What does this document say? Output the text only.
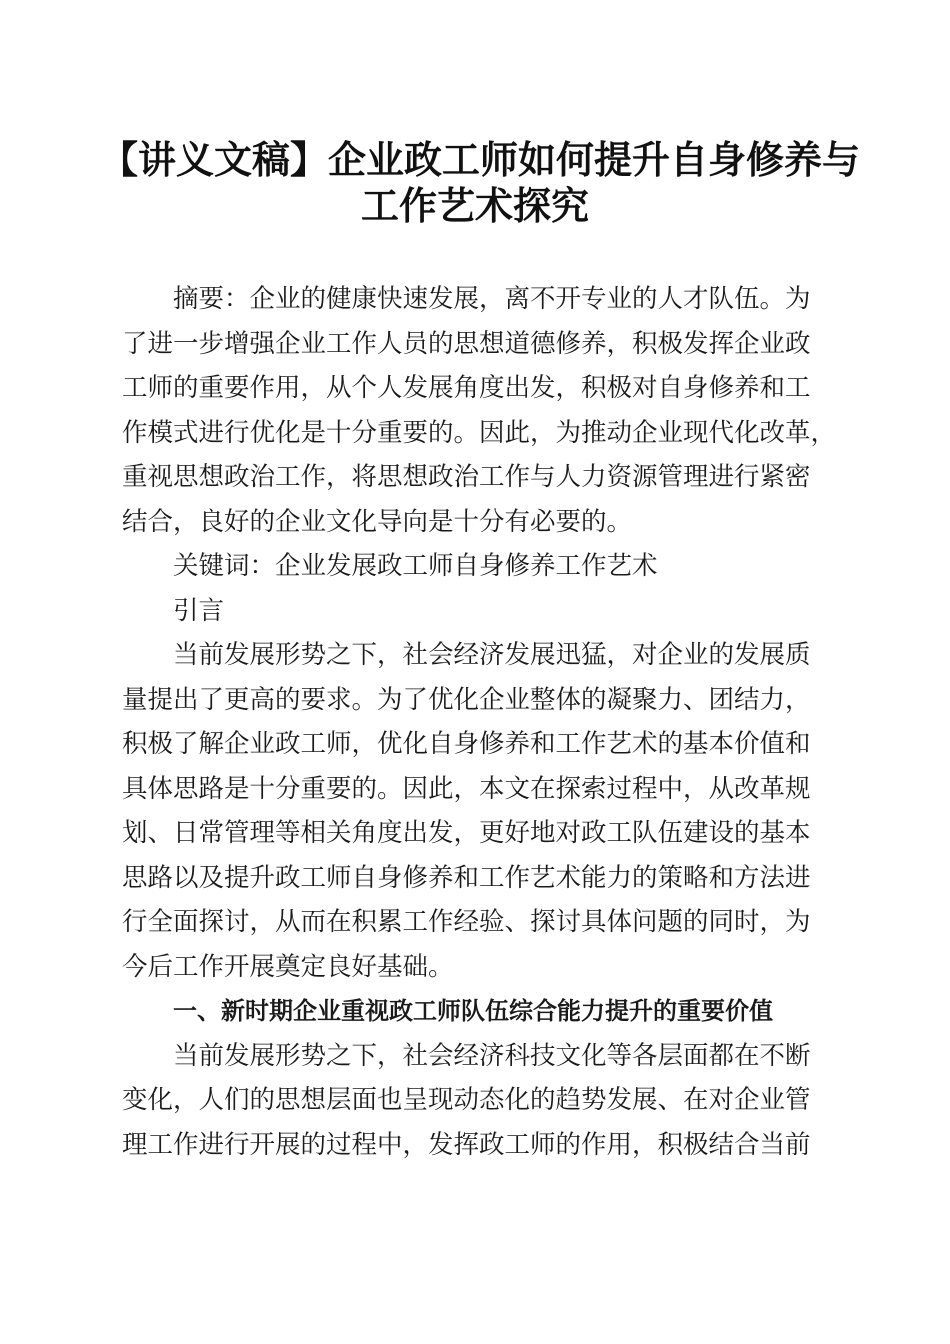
【讲义文稿】企业政工师如何提升自身修养与
工作艺术探究
摘要：企业的健康快速发展，离不开专业的人才队伍。为
了进一步增强企业工作人员的思想道德修养，积极发挥企业政
工师的重要作用，从个人发展角度出发，积极对自身修养和工
作模式进行优化是十分重要的。因此，为推动企业现代化改革，
重视思想政治工作，将思想政治工作与人力资源管理进行紧密
结合，良好的企业文化导向是十分有必要的。
关键词：企业发展政工师自身修养工作艺术
引言
当前发展形势之下，社会经济发展迅猛，对企业的发展质
量提出了更高的要求。为了优化企业整体的凝聚力、团结力，
积极了解企业政工师，优化自身修养和工作艺术的基本价值和
具体思路是十分重要的。因此，本文在探索过程中，从改革规
划、日常管理等相关角度出发，更好地对政工队伍建设的基本
思路以及提升政工师自身修养和工作艺术能力的策略和方法进
行全面探讨，从而在积累工作经验、探讨具体问题的同时，为
今后工作开展奠定良好基础。
一、新时期企业重视政工师队伍综合能力提升的重要价值
当前发展形势之下，社会经济科技文化等各层面都在不断
变化，人们的思想层面也呈现动态化的趋势发展、在对企业管
理工作进行开展的过程中，发挥政工师的作用，积极结合当前
